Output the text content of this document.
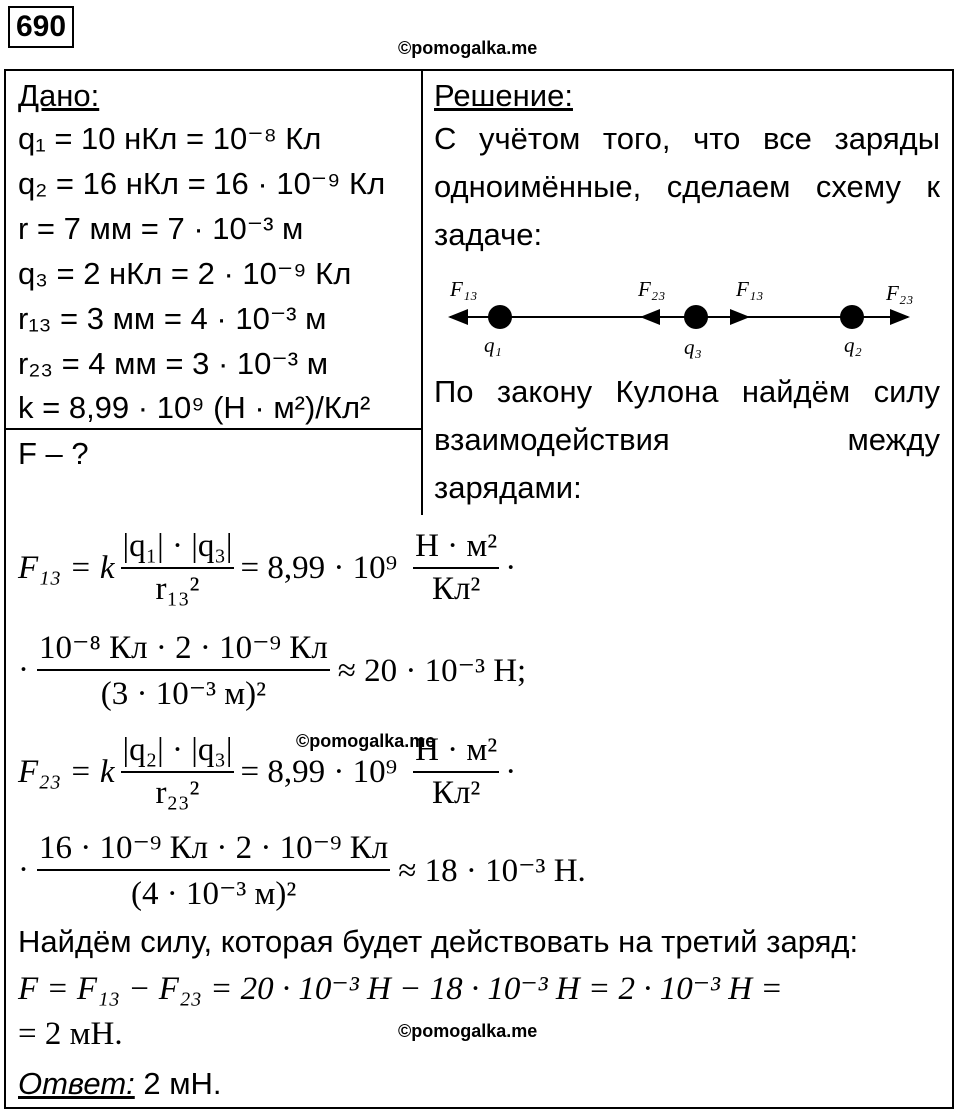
690
©pomogalka.me
Дано:
q₁ = 10 нКл = 10⁻⁸ Кл
q₂ = 16 нКл = 16 · 10⁻⁹ Кл
r = 7 мм = 7 · 10⁻³ м
q₃ = 2 нКл = 2 · 10⁻⁹ Кл
r₁₃ = 3 мм = 4 · 10⁻³ м
r₂₃ = 4 мм = 3 · 10⁻³ м
k = 8,99 · 10⁹ (Н · м²)/Кл²
F – ?
Решение:
С учётом того, что все заряды
одноимённые, сделаем схему к
задаче:
F₁₃	F₂₃	F₁₃	F₂₃
q₁	q₃	q₂
По закону Кулона найдём силу
взаимодействия между
зарядами:
F₁₃ = k $\frac{\text{|q₁| · |q₃|}}{\text{r₁₃²}} = 8,99 \cdot 10^9 \frac{\text{Н · м²}}{\text{Кл²}}$ ·
· $\frac{\text{10⁻⁸ Кл · 2 · 10⁻⁹ Кл}}{\text{(3 · 10⁻³ м)²}} \approx 20 \cdot 10^{-3}$ Н;
©pomogalka.me
F₂₃ = k $\frac{\text{|q₂| · |q₃|}}{\text{r₂₃²}} = 8,99 \cdot 10^9 \frac{\text{Н · м²}}{\text{Кл²}}$ ·
· $\frac{\text{16 · 10⁻⁹ Кл · 2 · 10⁻⁹ Кл}}{\text{(4 · 10⁻³ м)²}} \approx 18 \cdot 10^{-3}$ Н.
Найдём силу, которая будет действовать на третий заряд:
F = F₁₃ − F₂₃ = 20 · 10⁻³ Н − 18 · 10⁻³ Н = 2 · 10⁻³ Н =
= 2 мН.	©pomogalka.me
Ответ: 2 мН.
